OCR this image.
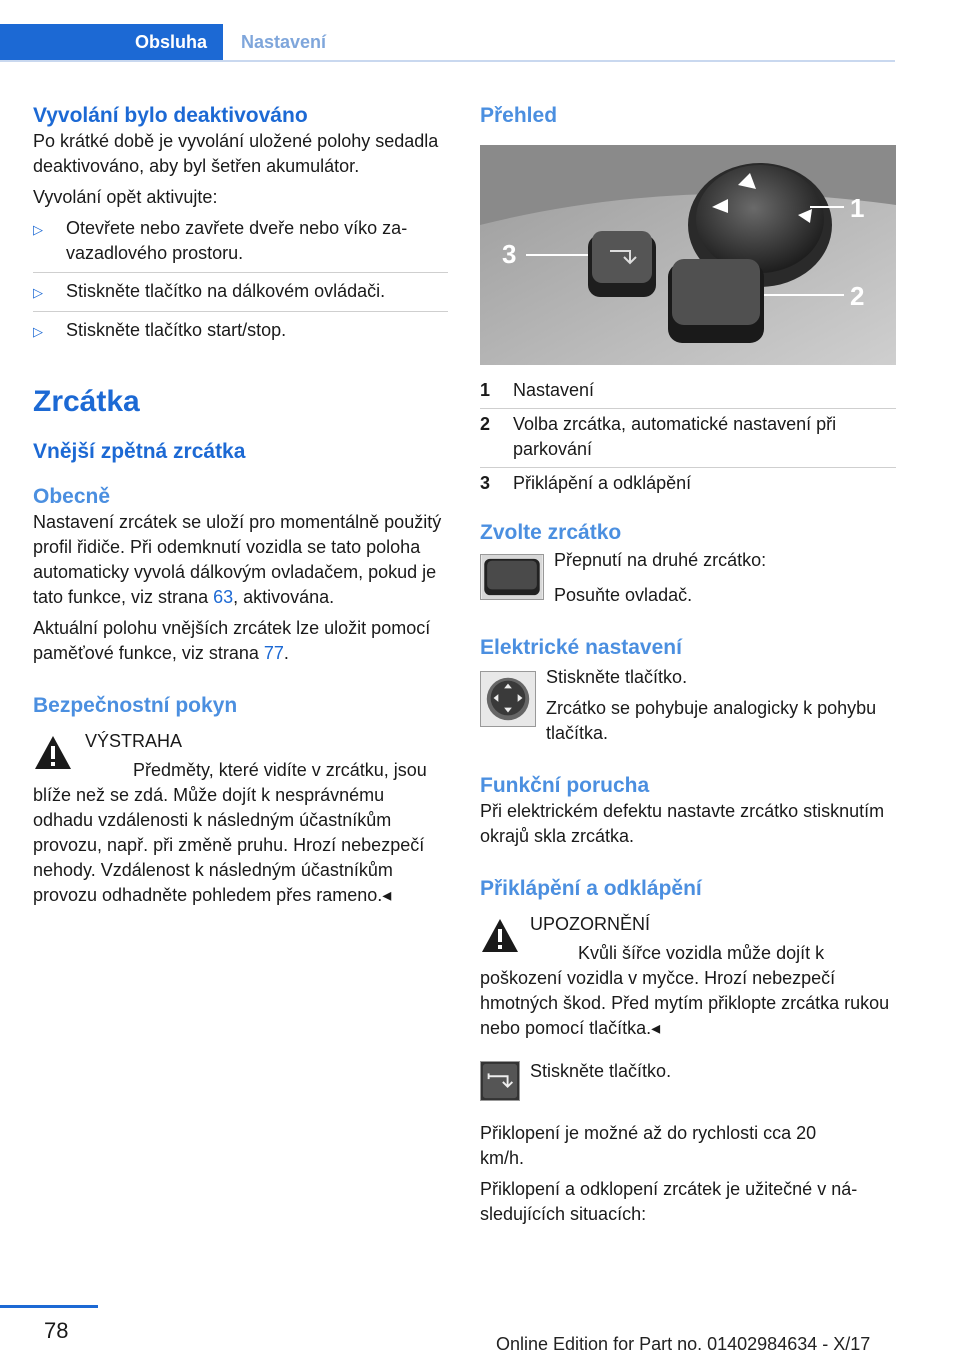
Obsluha	Nastavení
Vyvolání bylo deaktivováno

Po krátké době je vyvolání uložené polohy sedadla deaktivováno, aby byl šetřen akumulátor.

Vyvolání opět aktivujte:

▷	Otevřete nebo zavřete dveře nebo víko zavazadlového prostoru.
▷	Stiskněte tlačítko na dálkovém ovládači.
▷	Stiskněte tlačítko start/stop.
Zrcátka
Vnější zpětná zrcátka
Obecně

Nastavení zrcátek se uloží pro momentálně použitý profil řidiče. Při odemknutí vozidla se tato poloha automaticky vyvolá dálkovým ovladačem, pokud je tato funkce, viz strana 63, aktivována.

Aktuální polohu vnějších zrcátek lze uložit pomocí paměťové funkce, viz strana 77.

Bezpečnostní pokyn
VÝSTRAHA

Předměty, které vidíte v zrcátku, jsou blíže než se zdá. Může dojít k nesprávnému odhadu vzdálenosti k následným účastníkům provozu, např. při změně pruhu. Hrozí nebezpečí nehody. Vzdálenost k následným účastníkům provozu odhadněte pohledem přes rameno.◂

Přehled
3
1
2
1	Nastavení
2	Volba zrcátka, automatické nastavení při parkování
3	Přiklápění a odklápění
Zvolte zrcátko

Přepnutí na druhé zrcátko:

Posuňte ovladač.

Elektrické nastavení

Stiskněte tlačítko.

Zrcátko se pohybuje analogicky k pohybu tlačítka.

Funkční porucha

Při elektrickém defektu nastavte zrcátko stisknutím okrajů skla zrcátka.

Přiklápění a odklápění
UPOZORNĚNÍ

Kvůli šířce vozidla může dojít k poškození vozidla v myčce. Hrozí nebezpečí hmotných škod. Před mytím přiklopte zrcátka rukou nebo pomocí tlačítka.◂

Stiskněte tlačítko.

Přiklopení je možné až do rychlosti cca 20 km/h.

Přiklopení a odklopení zrcátek je užitečné v následujících situacích:

78
Online Edition for Part no. 01402984634 - X/17
